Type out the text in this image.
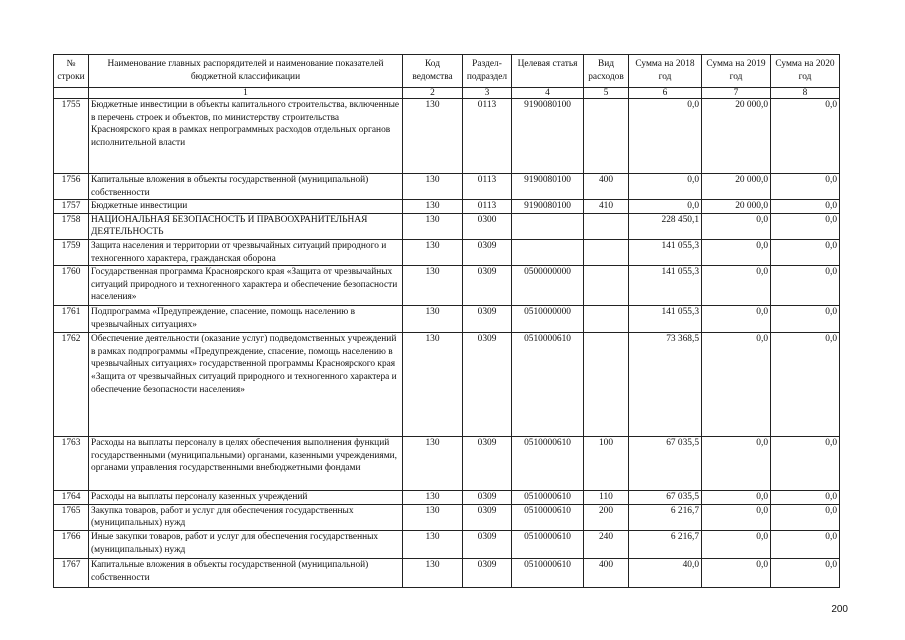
№ строки	Наименование главных распорядителей и наименование показателей бюджетной классификации	Код ведомства	Раздел-подраздел	Целевая статья	Вид расходов	Сумма на 2018 год	Сумма на 2019 год	Сумма на 2020 год
	1	2	3	4	5	6	7	8
1755	Бюджетные инвестиции в объекты капитального строительства, включенные в перечень строек и объектов, по министерству строительства Красноярского края в рамках непрограммных расходов отдельных органов исполнительной власти	130	0113	9190080100		0,0	20 000,0	0,0
1756	Капитальные вложения в объекты государственной (муниципальной) собственности	130	0113	9190080100	400	0,0	20 000,0	0,0
1757	Бюджетные инвестиции	130	0113	9190080100	410	0,0	20 000,0	0,0
1758	НАЦИОНАЛЬНАЯ БЕЗОПАСНОСТЬ И ПРАВООХРАНИТЕЛЬНАЯ ДЕЯТЕЛЬНОСТЬ	130	0300			228 450,1	0,0	0,0
1759	Защита населения и территории от чрезвычайных ситуаций природного и техногенного характера, гражданская оборона	130	0309			141 055,3	0,0	0,0
1760	Государственная программа Красноярского края «Защита от чрезвычайных ситуаций природного и техногенного характера и обеспечение безопасности населения»	130	0309	0500000000		141 055,3	0,0	0,0
1761	Подпрограмма «Предупреждение, спасение, помощь населению в чрезвычайных ситуациях»	130	0309	0510000000		141 055,3	0,0	0,0
1762	Обеспечение деятельности (оказание услуг) подведомственных учреждений в рамках подпрограммы «Предупреждение, спасение, помощь населению в чрезвычайных ситуациях» государственной программы Красноярского края «Защита от чрезвычайных ситуаций природного и техногенного характера и обеспечение безопасности населения»	130	0309	0510000610		73 368,5	0,0	0,0
1763	Расходы на выплаты персоналу в целях обеспечения выполнения функций государственными (муниципальными) органами, казенными учреждениями, органами управления государственными внебюджетными фондами	130	0309	0510000610	100	67 035,5	0,0	0,0
1764	Расходы на выплаты персоналу казенных учреждений	130	0309	0510000610	110	67 035,5	0,0	0,0
1765	Закупка товаров, работ и услуг для обеспечения государственных (муниципальных) нужд	130	0309	0510000610	200	6 216,7	0,0	0,0
1766	Иные закупки товаров, работ и услуг для обеспечения государственных (муниципальных) нужд	130	0309	0510000610	240	6 216,7	0,0	0,0
1767	Капитальные вложения в объекты государственной (муниципальной) собственности	130	0309	0510000610	400	40,0	0,0	0,0
200
